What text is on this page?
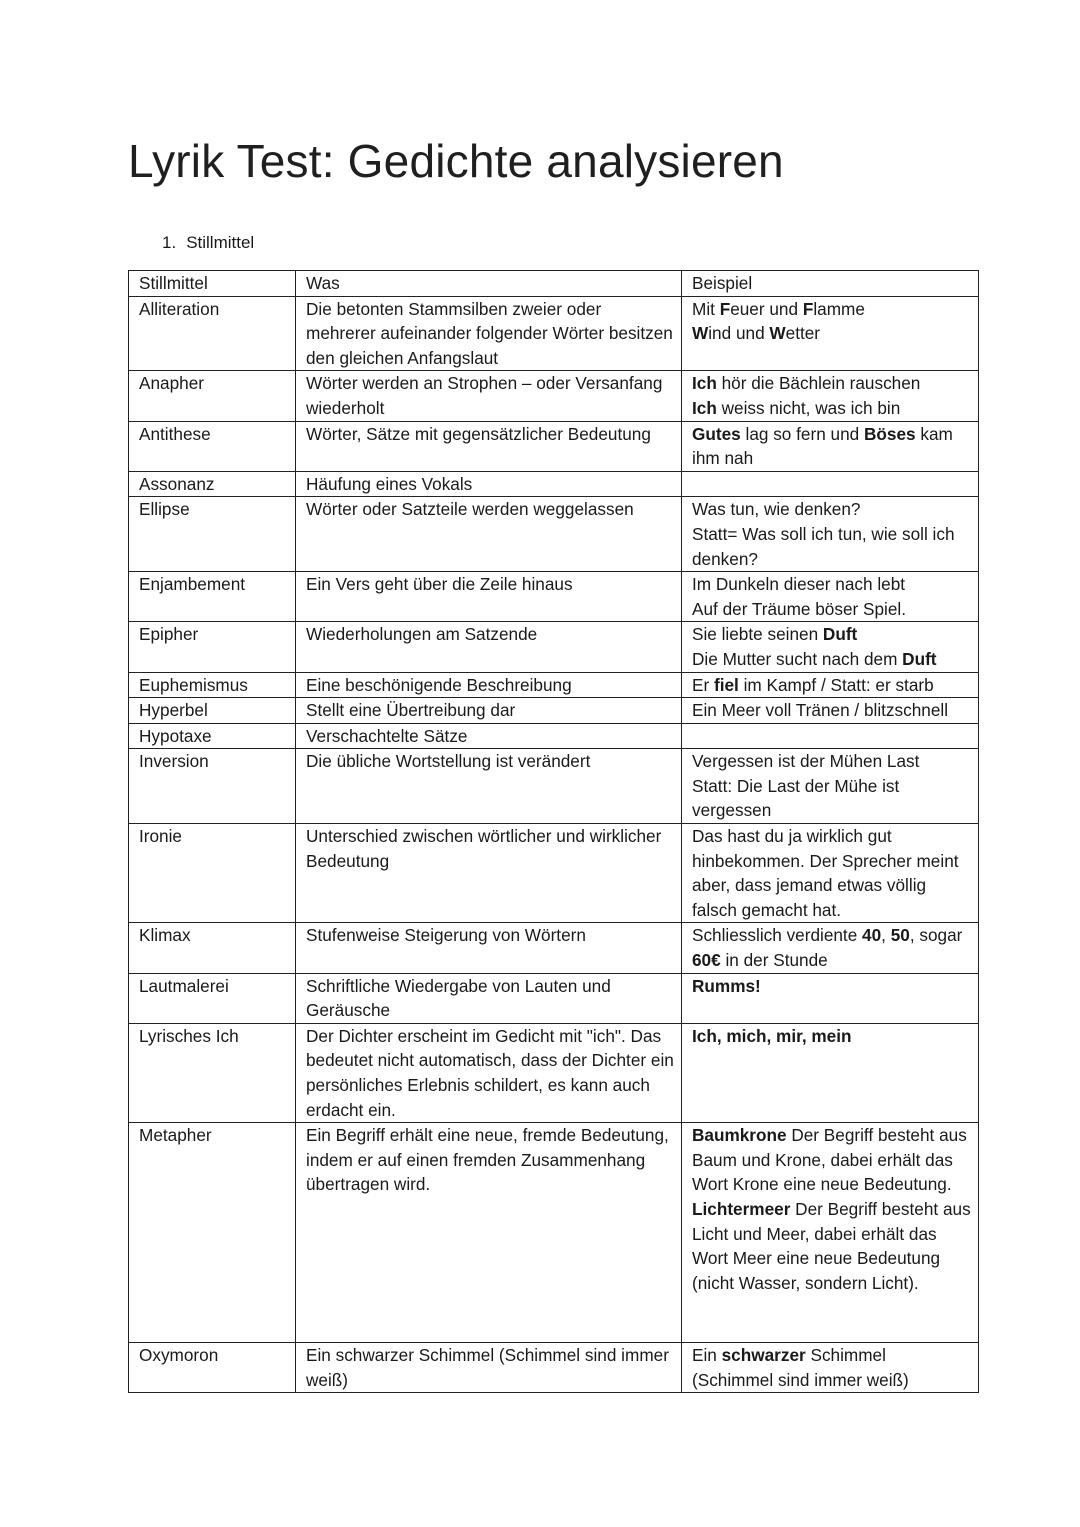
Lyrik Test: Gedichte analysieren
1. Stillmittel
Stillmittel	Was	Beispiel
Alliteration	Die betonten Stammsilben zweier oder mehrerer aufeinander folgender Wörter besitzen den gleichen Anfangslaut	Mit Feuer und Flamme
Wind und Wetter
Anapher	Wörter werden an Strophen – oder Versanfang wiederholt	Ich hör die Bächlein rauschen
Ich weiss nicht, was ich bin
Antithese	Wörter, Sätze mit gegensätzlicher Bedeutung	Gutes lag so fern und Böses kam ihm nah
Assonanz	Häufung eines Vokals	
Ellipse	Wörter oder Satzteile werden weggelassen	Was tun, wie denken?
Statt= Was soll ich tun, wie soll ich denken?
Enjambement	Ein Vers geht über die Zeile hinaus	Im Dunkeln dieser nach lebt
Auf der Träume böser Spiel.
Epipher	Wiederholungen am Satzende	Sie liebte seinen Duft
Die Mutter sucht nach dem Duft
Euphemismus	Eine beschönigende Beschreibung	Er fiel im Kampf / Statt: er starb
Hyperbel	Stellt eine Übertreibung dar	Ein Meer voll Tränen / blitzschnell
Hypotaxe	Verschachtelte Sätze	
Inversion	Die übliche Wortstellung ist verändert	Vergessen ist der Mühen Last
Statt: Die Last der Mühe ist vergessen
Ironie	Unterschied zwischen wörtlicher und wirklicher Bedeutung	Das hast du ja wirklich gut hinbekommen. Der Sprecher meint aber, dass jemand etwas völlig falsch gemacht hat.
Klimax	Stufenweise Steigerung von Wörtern	Schliesslich verdiente 40, 50, sogar 60€ in der Stunde
Lautmalerei	Schriftliche Wiedergabe von Lauten und Geräusche	Rumms!
Lyrisches Ich	Der Dichter erscheint im Gedicht mit "ich". Das bedeutet nicht automatisch, dass der Dichter ein persönliches Erlebnis schildert, es kann auch erdacht ein.	Ich, mich, mir, mein
Metapher	Ein Begriff erhält eine neue, fremde Bedeutung, indem er auf einen fremden Zusammenhang übertragen wird.	Baumkrone Der Begriff besteht aus Baum und Krone, dabei erhält das Wort Krone eine neue Bedeutung.
Lichtermeer Der Begriff besteht aus Licht und Meer, dabei erhält das Wort Meer eine neue Bedeutung (nicht Wasser, sondern Licht).
Oxymoron	Ein schwarzer Schimmel (Schimmel sind immer weiß)	Ein schwarzer Schimmel
(Schimmel sind immer weiß)
